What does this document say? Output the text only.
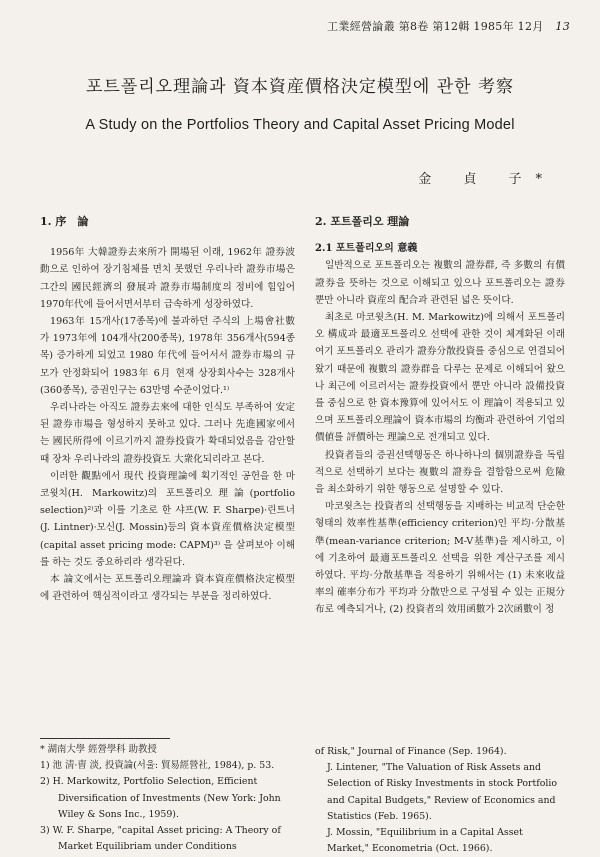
工業經營論叢 第8卷 第12輯 1985年 12月 13
포트폴리오理論과 資本資産價格決定模型에 관한 考察
A Study on the Portfolios Theory and Capital Asset Pricing Model
金 貞 子*

1. 序　論

1956年 大韓證券去來所가 開場된 이래, 1962年 證券波動으로 인하여 장기침체를 면치 못했던 우리나라 證券市場은 그간의 國民經濟의 發展과 證券市場制度의 정비에 힘입어 1970年代에 들어서면서부터 급속하게 성장하였다.

1963年 15개사(17종목)에 불과하던 주식의 上場會社數가 1973年에 104개사(200종목), 1978年 356개사(594종목) 증가하게 되었고 1980 年代에 들어서서 證券市場의 규모가 안정화되어 1983年 6月 현재 상장회사수는 328개사(360종목), 증권인구는 63만명 수준이었다.¹⁾

우리나라는 아직도 證券去來에 대한 인식도 부족하여 安定된 證券市場을 형성하지 못하고 있다. 그러나 先進國家에서는 國民所得에 이르기까지 證券投資가 확대되었음을 감안할 때 장차 우리나라의 證券投資도 大衆化되리라고 본다.

이러한 觀點에서 現代 投資理論에 획기적인 공헌을 한 마코윗치(H. Markowitz)의 포트폴리오理論(portfolio selection)²⁾과 이를 기초로 한 샤프(W. F. Sharpe)·린트너(J. Lintner)·모신(J. Mossin)등의 資本資産價格決定模型(capital asset pricing mode: CAPM)³⁾ 을 살펴보아 이해를 하는 것도 중요하리라 생각된다.

本 論文에서는 포트폴리오理論과 資本資産價格決定模型에 관련하여 핵심적이라고 생각되는 부분을 정리하였다.

2. 포트폴리오 理論

2.1 포트폴리오의 意義

일반적으로 포트폴리오는 複數의 證券群, 즉 多數의 有價證券을 뜻하는 것으로 이해되고 있으나 포트폴리오는 證券뿐만 아니라 資産의 配合과 관련된 넓은 뜻이다.

최초로 마코윗츠(H. M. Markowitz)에 의해서 포트폴리오 構成과 最適포트폴리오 선택에 관한 것이 체계화된 이래 여기 포트폴리오 관리가 證券分散投資를 중심으로 연결되어 왔기 때문에 複數의 證券群을 다루는 문제로 이해되어 왔으나 최근에 이르러서는 證券投資에서 뿐만 아니라 設備投資를 중심으로 한 資本豫算에 있어서도 이 理論이 적용되고 있으며 포트폴리오理論이 資本市場의 均衡과 관련하여 기업의 價値를 評價하는 理論으로 전개되고 있다.

投資者들의 증권선택행동은 하나하나의 個別證券을 독립적으로 선택하기 보다는 複數의 證券을 결합함으로써 危險을 최소화하기 위한 행동으로 설명할 수 있다.

마코윗츠는 投資者의 선택행동을 지배하는 비교적 단순한 형태의 效率性基準(efficiency criterion)인 平均·分散基準(mean-variance criterion; M-V基準)을 제시하고, 이에 기초하여 最適포트폴리오 선택을 위한 계산구조를 제시하였다. 平均·分散基準을 적용하기 위해서는 (1) 未來收益率의 確率分布가 平均과 分散만으로 구성될 수 있는 正規分布로 예측되거나, (2) 投資者의 效用函數가 2次函數이 정

* 湖南大學 經營學科 助教授
1) 池 淸·曺 淡, 投資論(서울: 貿易經營社, 1984), p. 53.
2) H. Markowitz, Portfolio Selection, Efficient Diversification of Investments (New York: John Wiley & Sons Inc., 1959).
3) W. F. Sharpe, "capital Asset pricing: A Theory of Market Equilibriam under Conditions
of Risk," Journal of Finance (Sep. 1964).
J. Lintener, "The Valuation of Risk Assets and Selection of Risky Investments in stock Portfolio and Capital Budgets," Review of Economics and Statistics (Feb. 1965).
J. Mossin, "Equilibrium in a Capital Asset Market," Econometria (Oct. 1966).
